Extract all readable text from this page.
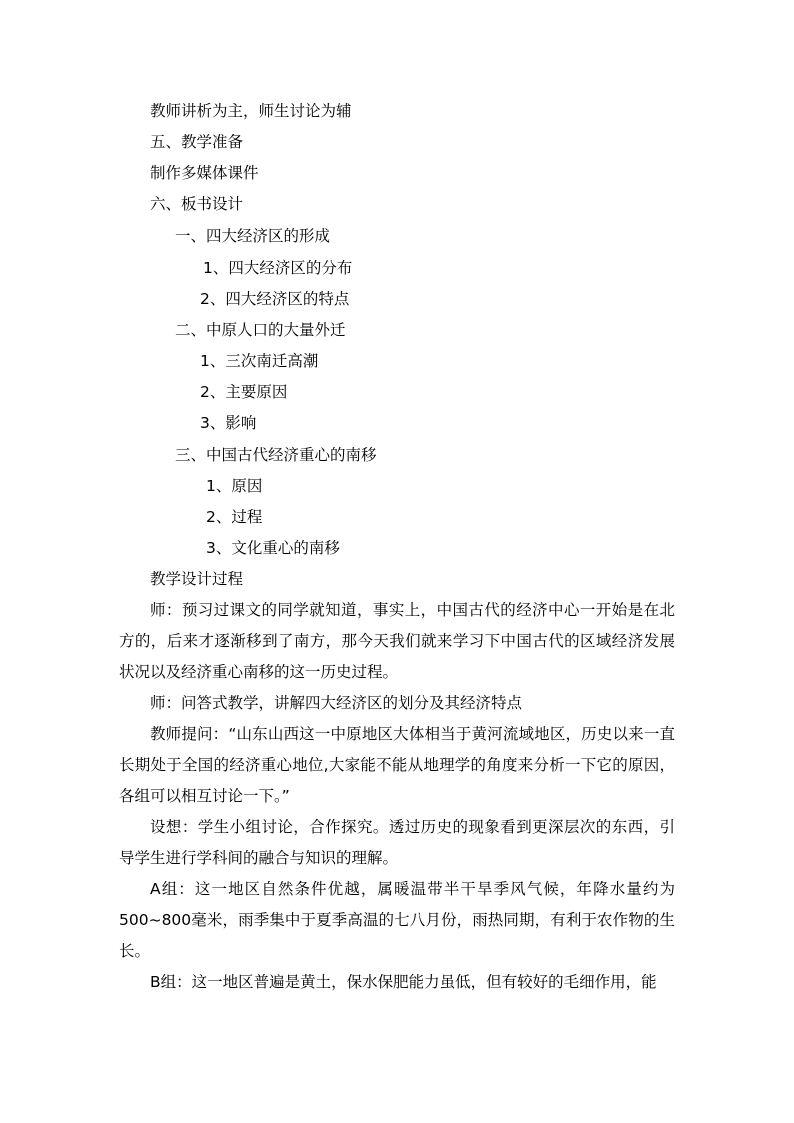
教师讲析为主，师生讨论为辅
五、教学准备
制作多媒体课件
六、板书设计
一、四大经济区的形成
1、四大经济区的分布
2、四大经济区的特点
二、中原人口的大量外迁
1、三次南迁高潮
2、主要原因
3、影响
三、中国古代经济重心的南移
1、原因
2、过程
3、文化重心的南移
教学设计过程
师：预习过课文的同学就知道，事实上，中国古代的经济中心一开始是在北方的，后来才逐渐移到了南方，那今天我们就来学习下中国古代的区域经济发展状况以及经济重心南移的这一历史过程。
师：问答式教学，讲解四大经济区的划分及其经济特点
教师提问：“山东山西这一中原地区大体相当于黄河流域地区，历史以来一直长期处于全国的经济重心地位,大家能不能从地理学的角度来分析一下它的原因，各组可以相互讨论一下。”
设想：学生小组讨论，合作探究。透过历史的现象看到更深层次的东西，引导学生进行学科间的融合与知识的理解。
A组：这一地区自然条件优越，属暖温带半干旱季风气候，年降水量约为500~800毫米，雨季集中于夏季高温的七八月份，雨热同期，有利于农作物的生长。
B组：这一地区普遍是黄土，保水保肥能力虽低，但有较好的毛细作用，能
